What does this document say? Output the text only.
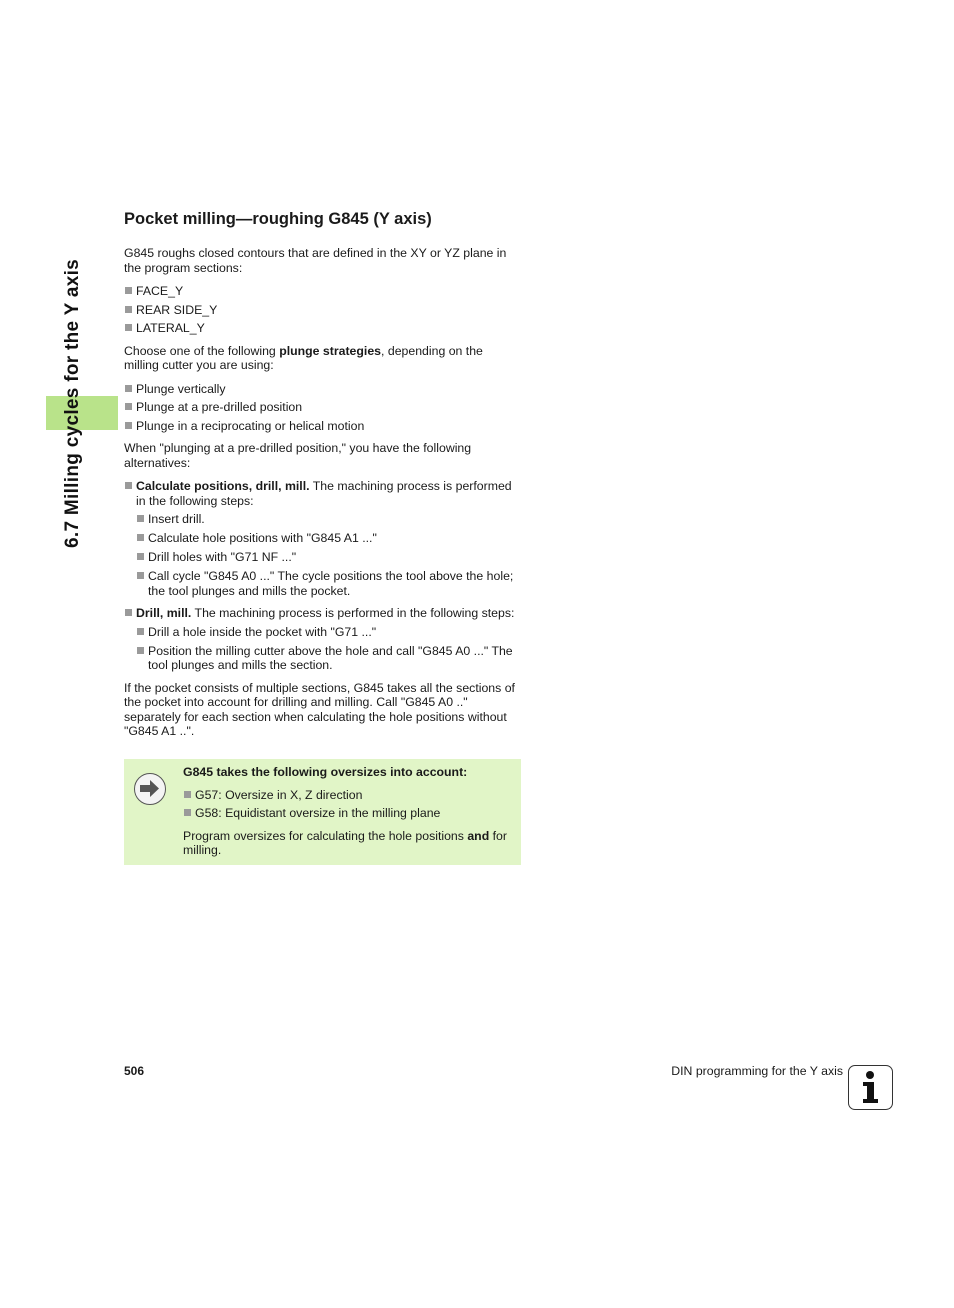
6.7 Milling cycles for the Y axis
Pocket milling—roughing G845 (Y axis)

G845 roughs closed contours that are defined in the XY or YZ plane in the program sections:

FACE_Y
REAR SIDE_Y
LATERAL_Y

Choose one of the following plunge strategies, depending on the milling cutter you are using:

Plunge vertically
Plunge at a pre-drilled position
Plunge in a reciprocating or helical motion

When "plunging at a pre-drilled position," you have the following alternatives:

Calculate positions, drill, mill. The machining process is performed in the following steps:
Insert drill.
Calculate hole positions with "G845 A1 ..."
Drill holes with "G71 NF ..."
Call cycle "G845 A0 ..." The cycle positions the tool above the hole; the tool plunges and mills the pocket.
Drill, mill. The machining process is performed in the following steps:
Drill a hole inside the pocket with "G71 ..."
Position the milling cutter above the hole and call "G845 A0 ..." The tool plunges and mills the section.

If the pocket consists of multiple sections, G845 takes all the sections of the pocket into account for drilling and milling. Call "G845 A0 .." separately for each section when calculating the hole positions without "G845 A1 ..".

G845 takes the following oversizes into account:

G57: Oversize in X, Z direction
G58: Equidistant oversize in the milling plane

Program oversizes for calculating the hole positions and for milling.

506	DIN programming for the Y axis
